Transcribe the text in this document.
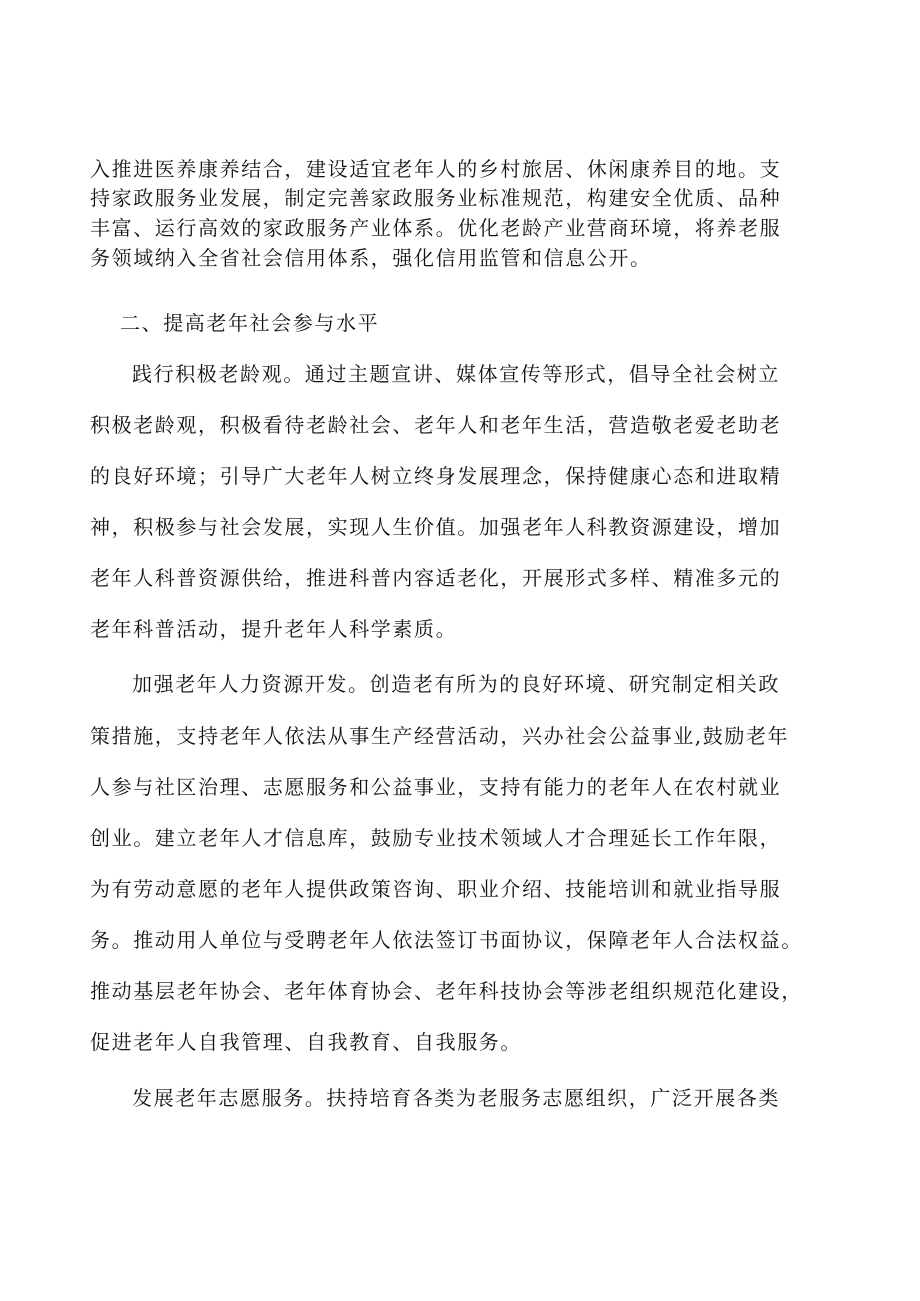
入推进医养康养结合，建设适宜老年人的乡村旅居、休闲康养目的地。支
持家政服务业发展，制定完善家政服务业标准规范，构建安全优质、品种
丰富、运行高效的家政服务产业体系。优化老龄产业营商环境，将养老服
务领域纳入全省社会信用体系，强化信用监管和信息公开。
二、提高老年社会参与水平
践行积极老龄观。通过主题宣讲、媒体宣传等形式，倡导全社会树立
积极老龄观，积极看待老龄社会、老年人和老年生活，营造敬老爱老助老
的良好环境；引导广大老年人树立终身发展理念，保持健康心态和进取精
神，积极参与社会发展，实现人生价值。加强老年人科教资源建设，增加
老年人科普资源供给，推进科普内容适老化，开展形式多样、精准多元的
老年科普活动，提升老年人科学素质。
加强老年人力资源开发。创造老有所为的良好环境、研究制定相关政
策措施，支持老年人依法从事生产经营活动，兴办社会公益事业,鼓励老年
人参与社区治理、志愿服务和公益事业，支持有能力的老年人在农村就业
创业。建立老年人才信息库，鼓励专业技术领域人才合理延长工作年限，
为有劳动意愿的老年人提供政策咨询、职业介绍、技能培训和就业指导服
务。推动用人单位与受聘老年人依法签订书面协议，保障老年人合法权益。
推动基层老年协会、老年体育协会、老年科技协会等涉老组织规范化建设，
促进老年人自我管理、自我教育、自我服务。
发展老年志愿服务。扶持培育各类为老服务志愿组织，广泛开展各类
